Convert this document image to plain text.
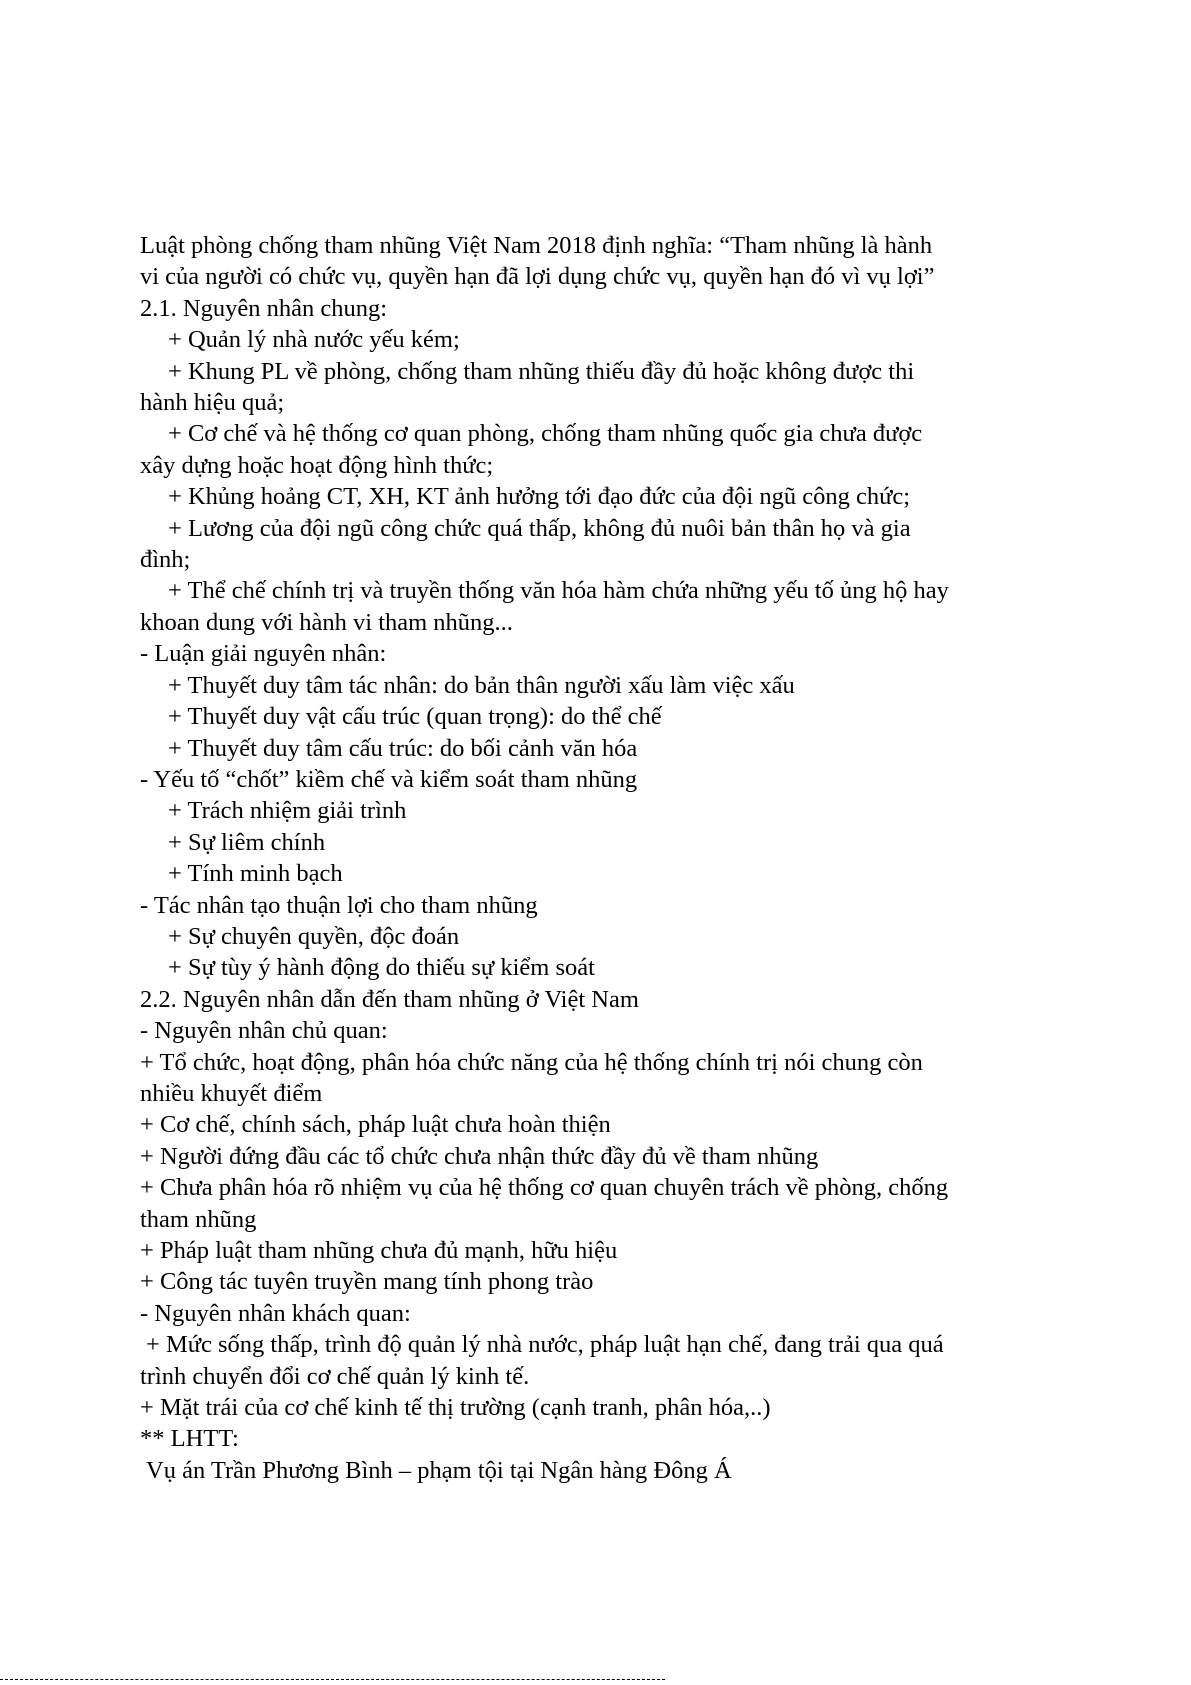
Luật phòng chống tham nhũng Việt Nam 2018 định nghĩa: “Tham nhũng là hành
vi của người có chức vụ, quyền hạn đã lợi dụng chức vụ, quyền hạn đó vì vụ lợi”
2.1. Nguyên nhân chung:
+ Quản lý nhà nước yếu kém;
+ Khung PL về phòng, chống tham nhũng thiếu đầy đủ hoặc không được thi
hành hiệu quả;
+ Cơ chế và hệ thống cơ quan phòng, chống tham nhũng quốc gia chưa được
xây dựng hoặc hoạt động hình thức;
+ Khủng hoảng CT, XH, KT ảnh hưởng tới đạo đức của đội ngũ công chức;
+ Lương của đội ngũ công chức quá thấp, không đủ nuôi bản thân họ và gia
đình;
+ Thể chế chính trị và truyền thống văn hóa hàm chứa những yếu tố ủng hộ hay
khoan dung với hành vi tham nhũng...
- Luận giải nguyên nhân:
+ Thuyết duy tâm tác nhân: do bản thân người xấu làm việc xấu
+ Thuyết duy vật cấu trúc (quan trọng): do thể chế
+ Thuyết duy tâm cấu trúc: do bối cảnh văn hóa
- Yếu tố “chốt” kiềm chế và kiểm soát tham nhũng
+ Trách nhiệm giải trình
+ Sự liêm chính
+ Tính minh bạch
- Tác nhân tạo thuận lợi cho tham nhũng
+ Sự chuyên quyền, độc đoán
+ Sự tùy ý hành động do thiếu sự kiểm soát
2.2. Nguyên nhân dẫn đến tham nhũng ở Việt Nam
- Nguyên nhân chủ quan:
+ Tổ chức, hoạt động, phân hóa chức năng của hệ thống chính trị nói chung còn
nhiều khuyết điểm
+ Cơ chế, chính sách, pháp luật chưa hoàn thiện
+ Người đứng đầu các tổ chức chưa nhận thức đầy đủ về tham nhũng
+ Chưa phân hóa rõ nhiệm vụ của hệ thống cơ quan chuyên trách về phòng, chống
tham nhũng
+ Pháp luật tham nhũng chưa đủ mạnh, hữu hiệu
+ Công tác tuyên truyền mang tính phong trào
- Nguyên nhân khách quan:
+ Mức sống thấp, trình độ quản lý nhà nước, pháp luật hạn chế, đang trải qua quá
trình chuyển đổi cơ chế quản lý kinh tế.
+ Mặt trái của cơ chế kinh tế thị trường (cạnh tranh, phân hóa,..)
** LHTT:
Vụ án Trần Phương Bình – phạm tội tại Ngân hàng Đông Á
